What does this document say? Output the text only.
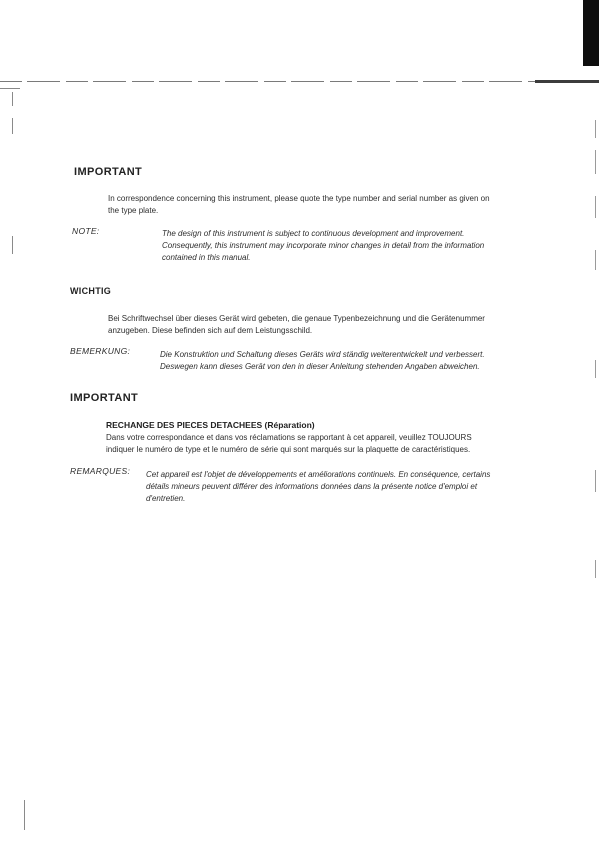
IMPORTANT
In correspondence concerning this instrument, please quote the type number and serial number as given on
the type plate.
NOTE:	The design of this instrument is subject to continuous development and improvement.
Consequently, this instrument may incorporate minor changes in detail from the information
contained in this manual.
WICHTIG
Bei Schriftwechsel über dieses Gerät wird gebeten, die genaue Typenbezeichnung und die Gerätenummer
anzugeben. Diese befinden sich auf dem Leistungsschild.
BEMERKUNG:	Die Konstruktion und Schaltung dieses Geräts wird ständig weiterentwickelt und verbessert.
Deswegen kann dieses Gerät von den in dieser Anleitung stehenden Angaben abweichen.
IMPORTANT
RECHANGE DES PIECES DETACHEES (Réparation)
Dans votre correspondance et dans vos réclamations se rapportant à cet appareil, veuillez TOUJOURS
indiquer le numéro de type et le numéro de série qui sont marqués sur la plaquette de caractéristiques.
REMARQUES: Cet appareil est l'objet de développements et améliorations continuels. En conséquence, certains
détails mineurs peuvent différer des informations données dans la présente notice d'emploi et
d'entretien.
